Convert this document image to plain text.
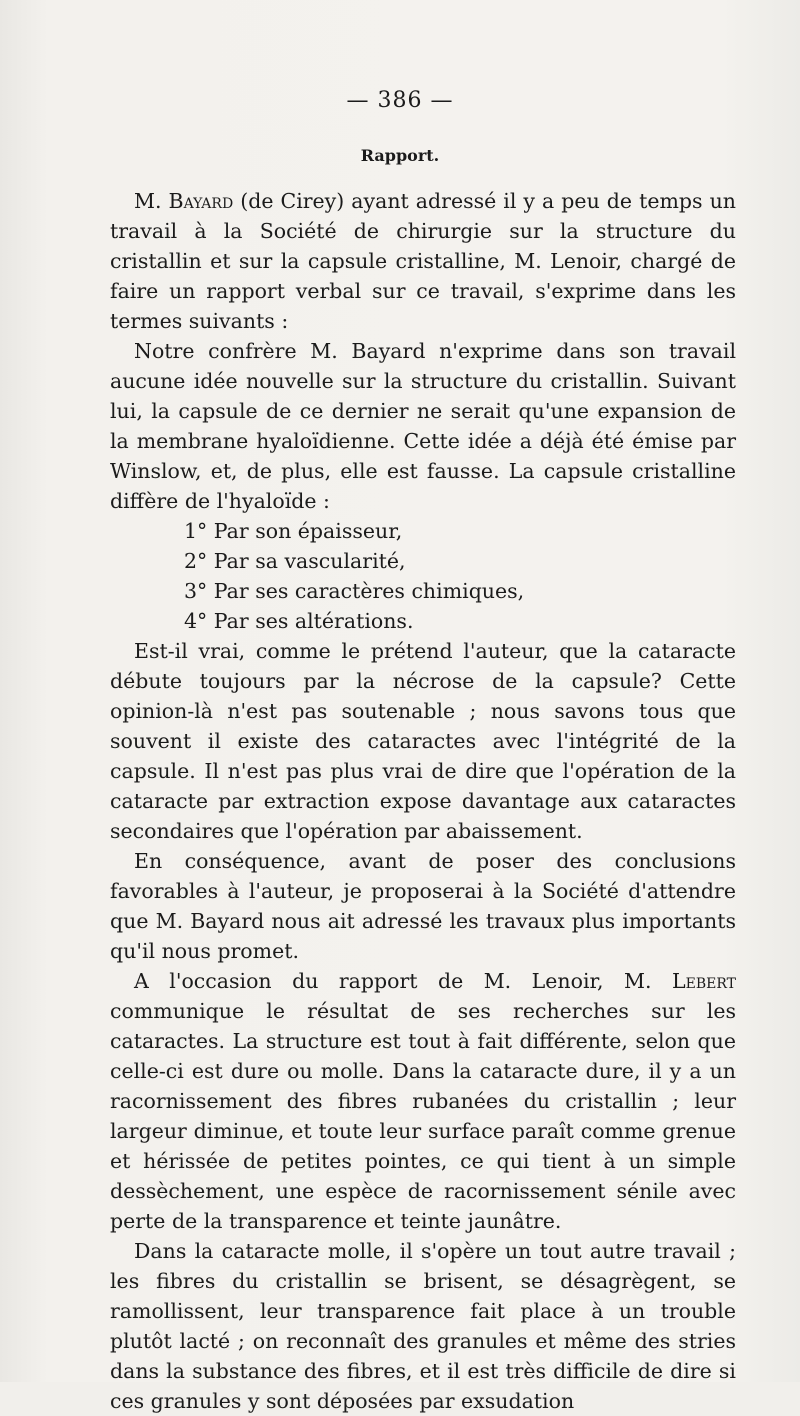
— 386 —
Rapport.

M. Bayard (de Cirey) ayant adressé il y a peu de temps un travail à la Société de chirurgie sur la structure du cristallin et sur la capsule cristalline, M. Lenoir, chargé de faire un rapport verbal sur ce travail, s'exprime dans les termes suivants :

Notre confrère M. Bayard n'exprime dans son travail aucune idée nouvelle sur la structure du cristallin. Suivant lui, la capsule de ce dernier ne serait qu'une expansion de la membrane hyaloïdienne. Cette idée a déjà été émise par Winslow, et, de plus, elle est fausse. La capsule cristalline diffère de l'hyaloïde :

1° Par son épaisseur,
2° Par sa vascularité,
3° Par ses caractères chimiques,
4° Par ses altérations.

Est-il vrai, comme le prétend l'auteur, que la cataracte débute toujours par la nécrose de la capsule? Cette opinion-là n'est pas soutenable ; nous savons tous que souvent il existe des cataractes avec l'intégrité de la capsule. Il n'est pas plus vrai de dire que l'opération de la cataracte par extraction expose davantage aux cataractes secondaires que l'opération par abaissement.

En conséquence, avant de poser des conclusions favorables à l'auteur, je proposerai à la Société d'attendre que M. Bayard nous ait adressé les travaux plus importants qu'il nous promet.

A l'occasion du rapport de M. Lenoir, M. Lebert communique le résultat de ses recherches sur les cataractes. La structure est tout à fait différente, selon que celle-ci est dure ou molle. Dans la cataracte dure, il y a un racornissement des fibres rubanées du cristallin ; leur largeur diminue, et toute leur surface paraît comme grenue et hérissée de petites pointes, ce qui tient à un simple dessèchement, une espèce de racornissement sénile avec perte de la transparence et teinte jaunâtre.

Dans la cataracte molle, il s'opère un tout autre travail ; les fibres du cristallin se brisent, se désagrègent, se ramollissent, leur transparence fait place à un trouble plutôt lacté ; on reconnaît des granules et même des stries dans la substance des fibres, et il est très difficile de dire si ces granules y sont déposées par exsudation
